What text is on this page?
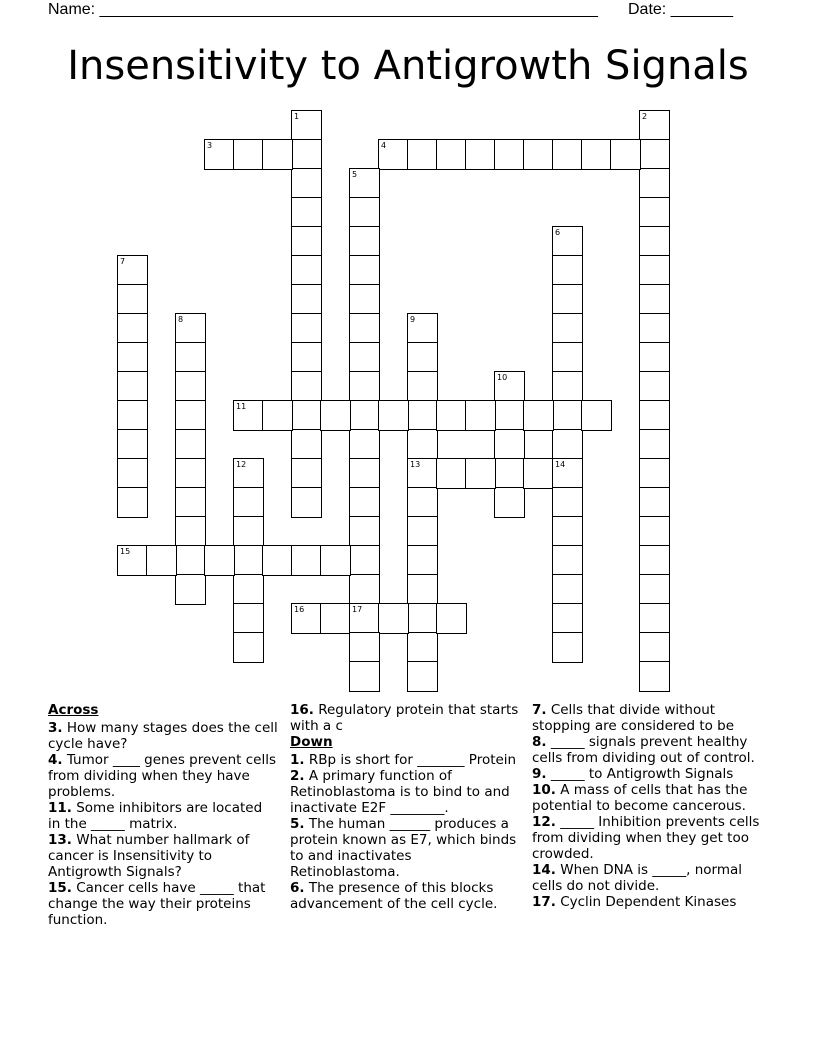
Name: ________________________________________________________ Date: _______
Insensitivity to Antigrowth Signals
1	2
3	4
5
6
7
8	9
13
10
11
12	14
15
16	17
Across
3. How many stages does the cell cycle have?
4. Tumor ____ genes prevent cells from dividing when they have problems.
11. Some inhibitors are located in the _____ matrix.
13. What number hallmark of cancer is Insensitivity to Antigrowth Signals?
15. Cancer cells have _____ that change the way their proteins function.
16. Regulatory protein that starts with a c
Down
1. RBp is short for _______ Protein
2. A primary function of Retinoblastoma is to bind to and inactivate E2F ________.
5. The human ______ produces a protein known as E7, which binds to and inactivates Retinoblastoma.
6. The presence of this blocks advancement of the cell cycle.
7. Cells that divide without stopping are considered to be
8. _____ signals prevent healthy cells from dividing out of control.
9. _____ to Antigrowth Signals
10. A mass of cells that has the potential to become cancerous.
12. _____ Inhibition prevents cells from dividing when they get too crowded.
14. When DNA is _____, normal cells do not divide.
17. Cyclin Dependent Kinases
